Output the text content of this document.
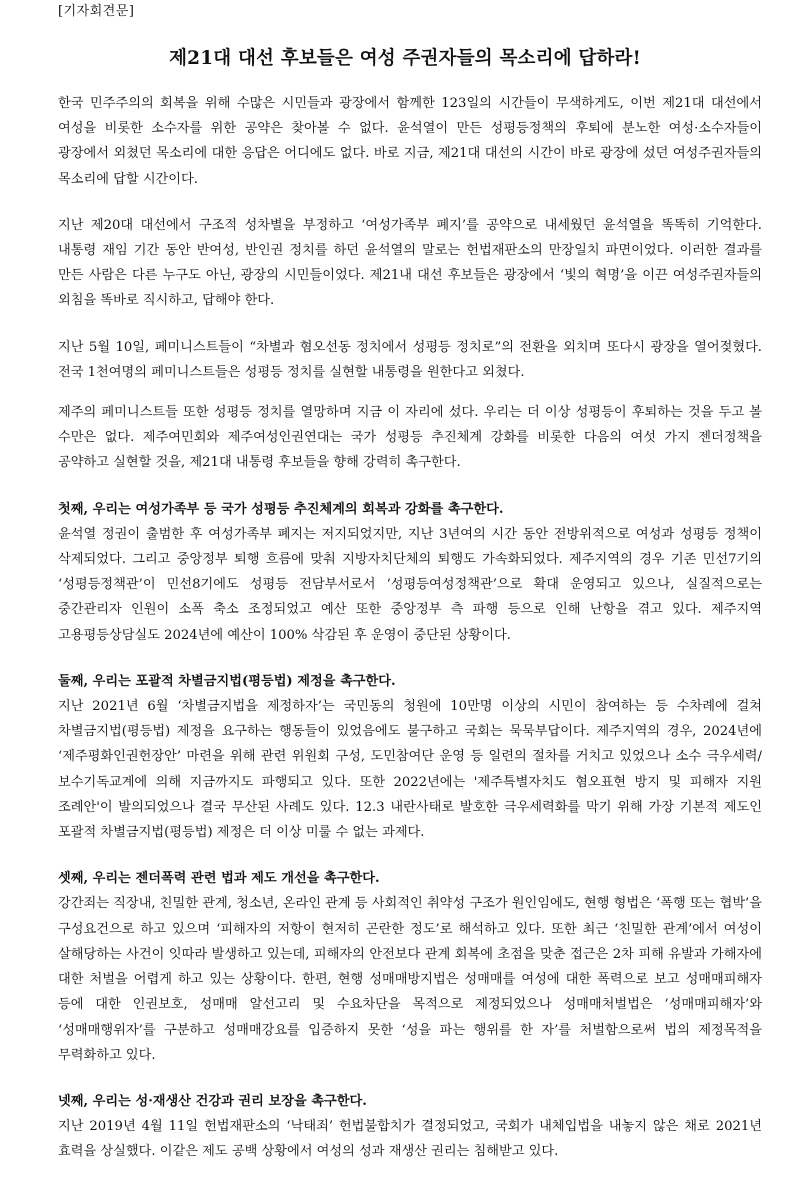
[기자회견문]
제21대 대선 후보들은 여성 주권자들의 목소리에 답하라!

한국 민주주의의 회복을 위해 수많은 시민들과 광장에서 함께한 123일의 시간들이 무색하게도, 이번 제21대 대선에서 여성을 비롯한 소수자를 위한 공약은 찾아볼 수 없다. 윤석열이 만든 성평등정책의 후퇴에 분노한 여성·소수자들이 광장에서 외쳤던 목소리에 대한 응답은 어디에도 없다. 바로 지금, 제21대 대선의 시간이 바로 광장에 섰던 여성주권자들의 목소리에 답할 시간이다.

지난 제20대 대선에서 구조적 성차별을 부정하고 ‘여성가족부 폐지’를 공약으로 내세웠던 윤석열을 똑똑히 기억한다. 내통령 재임 기간 동안 반여성, 반인권 정치를 하던 윤석열의 말로는 헌법재판소의 만장일치 파면이었다. 이러한 결과를 만든 사람은 다른 누구도 아닌, 광장의 시민들이었다. 제21내 대선 후보들은 광장에서 ‘빛의 혁명’을 이끈 여성주권자들의 외침을 똑바로 직시하고, 답해야 한다.

지난 5월 10일, 페미니스트들이 “차별과 혐오선동 정치에서 성평등 정치로”의 전환을 외치며 또다시 광장을 열어젖혔다. 전국 1천여명의 페미니스트들은 성평등 정치를 실현할 내통령을 원한다고 외쳤다.

제주의 페미니스트들 또한 성평등 정치를 열망하며 지금 이 자리에 섰다. 우리는 더 이상 성평등이 후퇴하는 것을 두고 볼 수만은 없다. 제주여민회와 제주여성인권연대는 국가 성평등 추진체계 강화를 비롯한 다음의 여섯 가지 젠더정책을 공약하고 실현할 것을, 제21대 내통령 후보들을 향해 강력히 촉구한다.

첫째, 우리는 여성가족부 등 국가 성평등 추진체계의 회복과 강화를 촉구한다.

윤석열 정권이 출범한 후 여성가족부 폐지는 저지되었지만, 지난 3년여의 시간 동안 전방위적으로 여성과 성평등 정책이 삭제되었다. 그리고 중앙정부 퇴행 흐름에 맞춰 지방자치단체의 퇴행도 가속화되었다. 제주지역의 경우 기존 민선7기의 ‘성평등정책관’이 민선8기에도 성평등 전담부서로서 ‘성평등여성정책관’으로 확대 운영되고 있으나, 실질적으로는 중간관리자 인원이 소폭 축소 조정되었고 예산 또한 중앙정부 측 파행 등으로 인해 난항을 겪고 있다. 제주지역 고용평등상담실도 2024년에 예산이 100% 삭감된 후 운영이 중단된 상황이다.

둘째, 우리는 포괄적 차별금지법(평등법) 제정을 촉구한다.

지난 2021년 6월 ‘차별금지법을 제정하자’는 국민동의 청원에 10만명 이상의 시민이 참여하는 등 수차례에 걸쳐 차별금지법(평등법) 제정을 요구하는 행동들이 있었음에도 불구하고 국회는 묵묵부답이다. 제주지역의 경우, 2024년에 ‘제주평화인권헌장안’ 마련을 위해 관련 위원회 구성, 도민참여단 운영 등 일련의 절차를 거치고 있었으나 소수 극우세력/보수기독교계에 의해 지금까지도 파행되고 있다. 또한 2022년에는 '제주특별자치도 혐오표현 방지 및 피해자 지원 조례안'이 발의되었으나 결국 무산된 사례도 있다. 12.3 내란사태로 발호한 극우세력화를 막기 위해 가장 기본적 제도인 포괄적 차별금지법(평등법) 제정은 더 이상 미룰 수 없는 과제다.

셋째, 우리는 젠더폭력 관련 법과 제도 개선을 촉구한다.

강간죄는 직장내, 친밀한 관계, 청소년, 온라인 관계 등 사회적인 취약성 구조가 원인임에도, 현행 형법은 ‘폭행 또는 협박’을 구성요건으로 하고 있으며 ‘피해자의 저항이 현저히 곤란한 정도’로 해석하고 있다. 또한 최근 ‘친밀한 관계’에서 여성이 살해당하는 사건이 잇따라 발생하고 있는데, 피해자의 안전보다 관계 회복에 초점을 맞춘 접근은 2차 피해 유발과 가해자에 대한 처벌을 어렵게 하고 있는 상황이다. 한편, 현행 성매매방지법은 성매매를 여성에 대한 폭력으로 보고 성매매피해자 등에 대한 인권보호, 성매매 알선고리 및 수요차단을 목적으로 제정되었으나 성매매처벌법은 ‘성매매피해자’와 ‘성매매행위자’를 구분하고 성매매강요를 입증하지 못한 ‘성을 파는 행위를 한 자’를 처벌함으로써 법의 제정목적을 무력화하고 있다.

넷째, 우리는 성·재생산 건강과 권리 보장을 촉구한다.

지난 2019년 4월 11일 헌법재판소의 ‘낙태죄’ 헌법불합치가 결정되었고, 국회가 내체입법을 내놓지 않은 채로 2021년 효력을 상실했다. 이같은 제도 공백 상황에서 여성의 성과 재생산 권리는 침해받고 있다.
